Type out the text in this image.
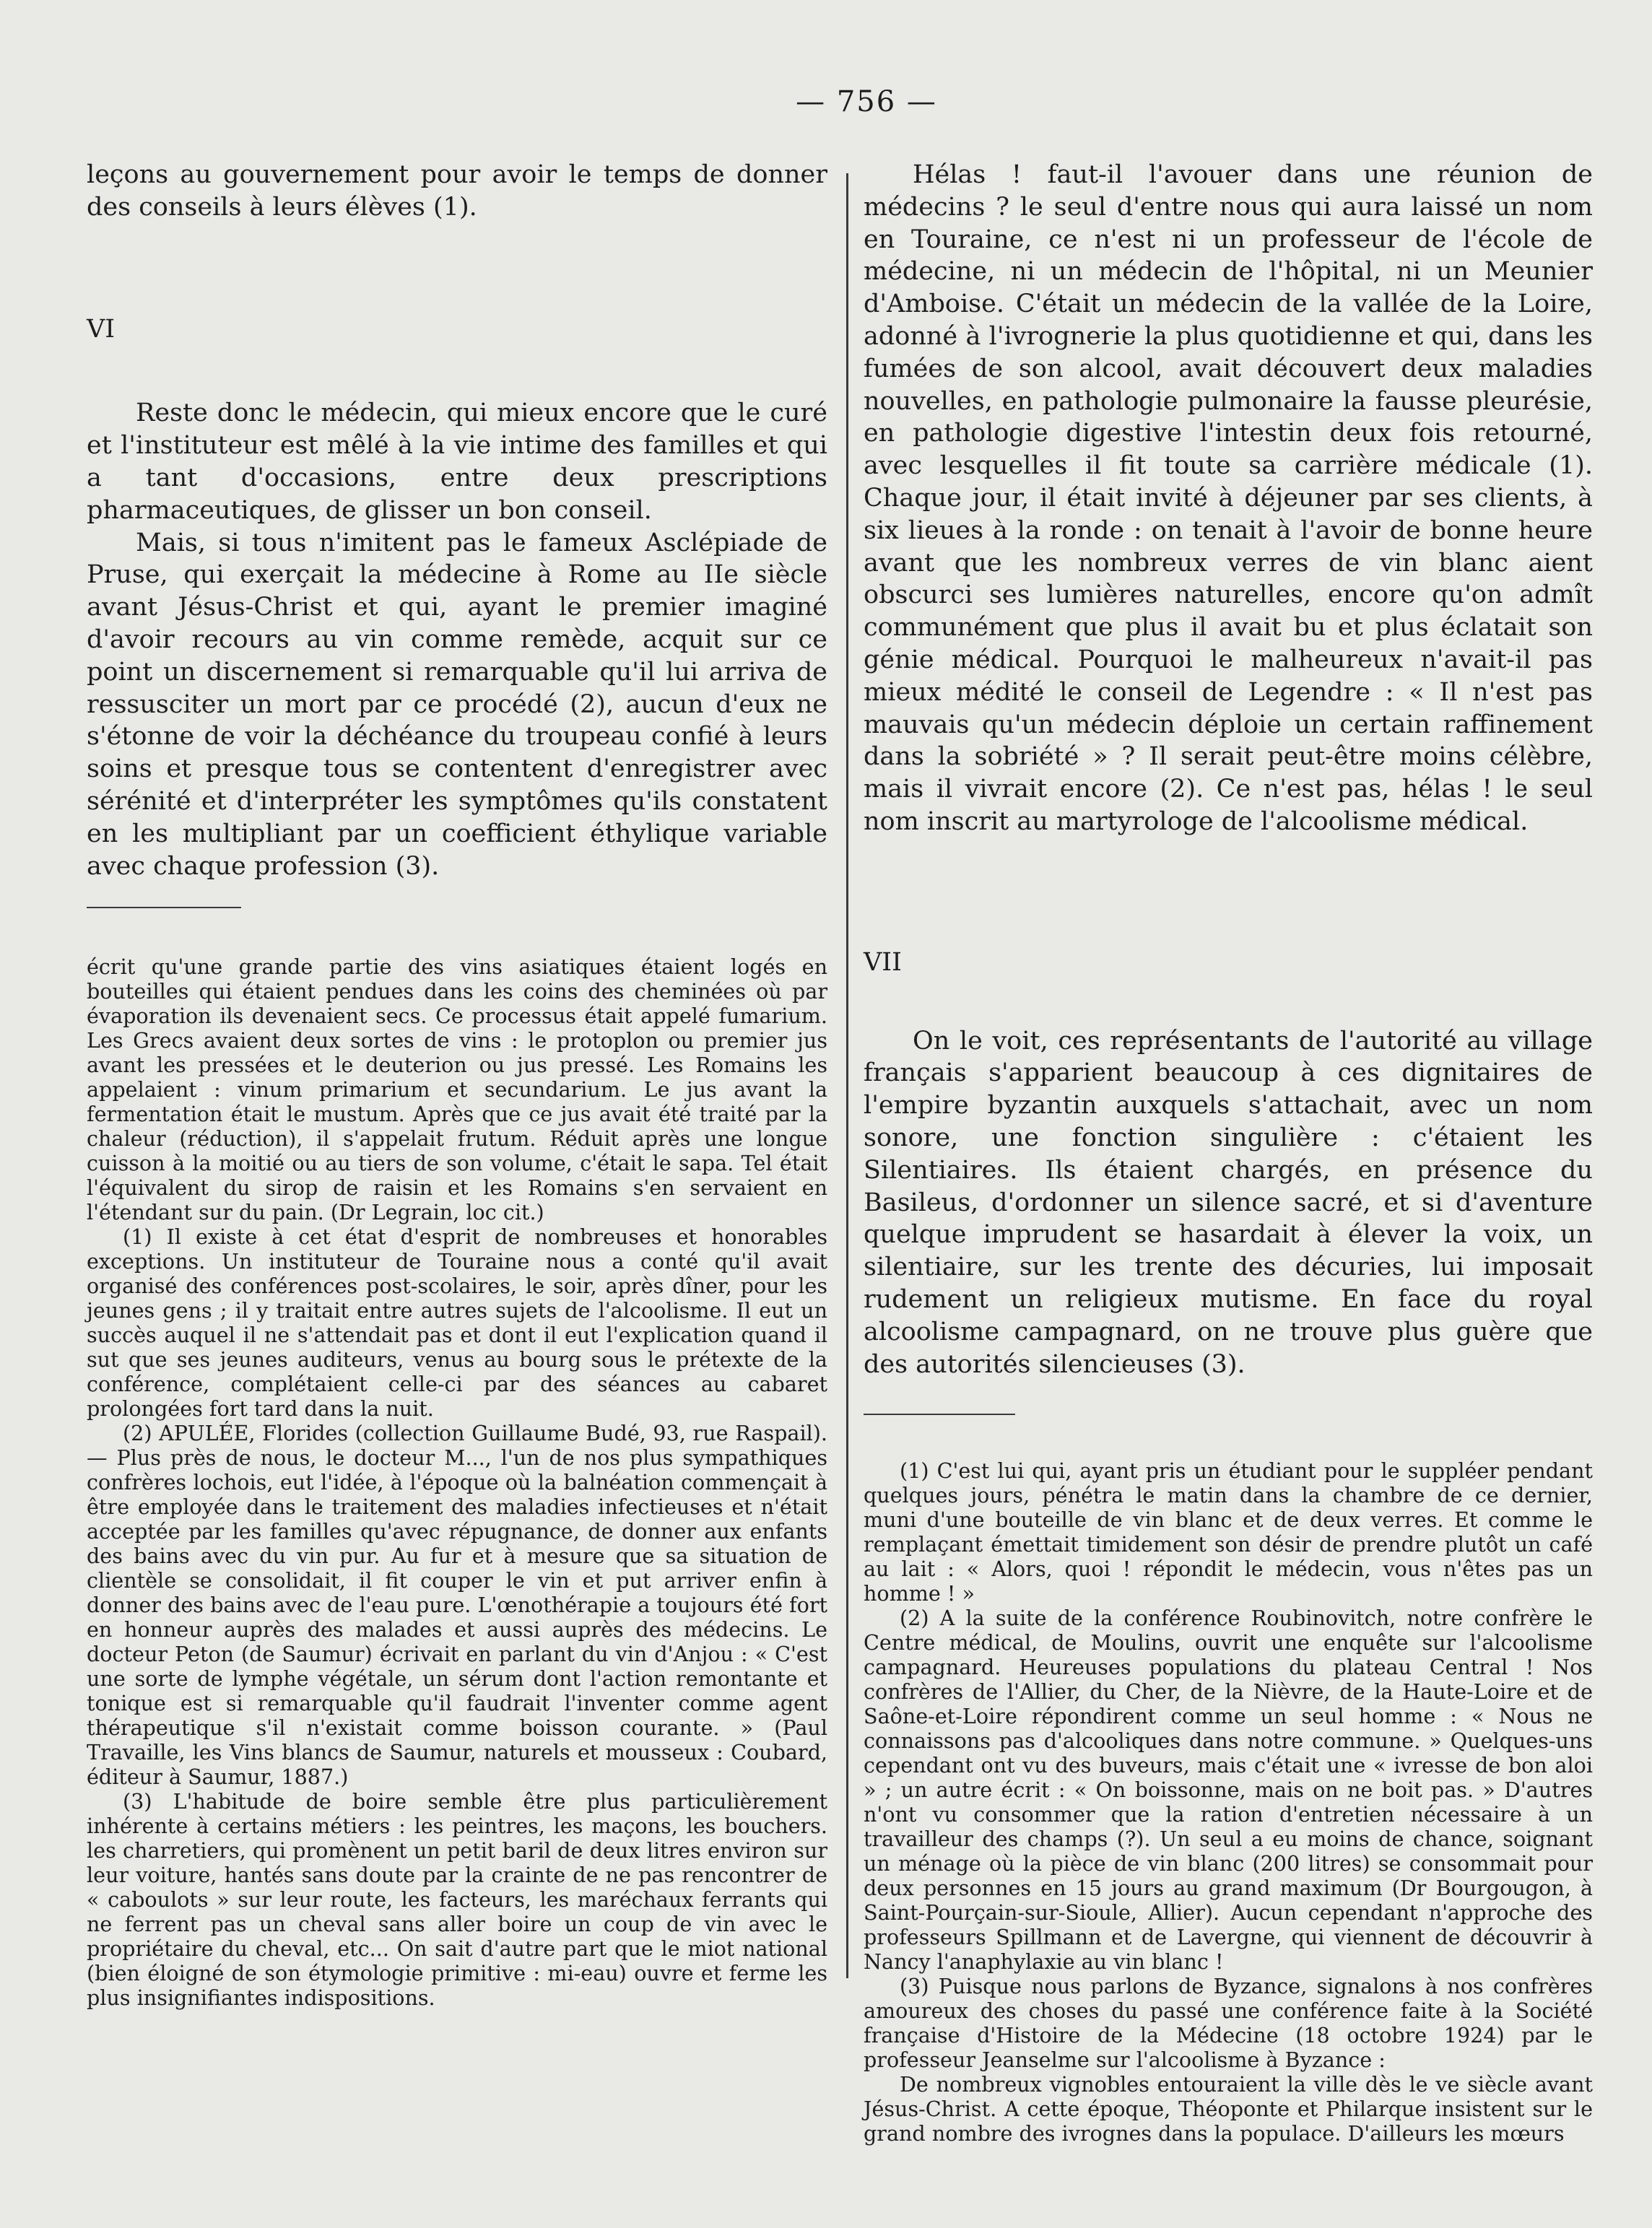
— 756 —

leçons au gouvernement pour avoir le temps de donner des conseils à leurs élèves (1).

VI

Reste donc le médecin, qui mieux encore que le curé et l'instituteur est mêlé à la vie intime des familles et qui a tant d'occasions, entre deux prescriptions pharmaceutiques, de glisser un bon conseil.

Mais, si tous n'imitent pas le fameux Asclépiade de Pruse, qui exerçait la médecine à Rome au IIe siècle avant Jésus-Christ et qui, ayant le premier imaginé d'avoir recours au vin comme remède, acquit sur ce point un discernement si remarquable qu'il lui arriva de ressusciter un mort par ce procédé (2), aucun d'eux ne s'étonne de voir la déchéance du troupeau confié à leurs soins et presque tous se contentent d'enregistrer avec sérénité et d'interpréter les symptômes qu'ils constatent en les multipliant par un coefficient éthylique variable avec chaque profession (3).

écrit qu'une grande partie des vins asiatiques étaient logés en bouteilles qui étaient pendues dans les coins des cheminées où par évaporation ils devenaient secs. Ce processus était appelé fumarium. Les Grecs avaient deux sortes de vins : le protoplon ou premier jus avant les pressées et le deuterion ou jus pressé. Les Romains les appelaient : vinum primarium et secundarium. Le jus avant la fermentation était le mustum. Après que ce jus avait été traité par la chaleur (réduction), il s'appelait frutum. Réduit après une longue cuisson à la moitié ou au tiers de son volume, c'était le sapa. Tel était l'équivalent du sirop de raisin et les Romains s'en servaient en l'étendant sur du pain. (Dr Legrain, loc cit.)

(1) Il existe à cet état d'esprit de nombreuses et honorables exceptions. Un instituteur de Touraine nous a conté qu'il avait organisé des conférences post-scolaires, le soir, après dîner, pour les jeunes gens ; il y traitait entre autres sujets de l'alcoolisme. Il eut un succès auquel il ne s'attendait pas et dont il eut l'explication quand il sut que ses jeunes auditeurs, venus au bourg sous le prétexte de la conférence, complétaient celle-ci par des séances au cabaret prolongées fort tard dans la nuit.

(2) APULÉE, Florides (collection Guillaume Budé, 93, rue Raspail). — Plus près de nous, le docteur M..., l'un de nos plus sympathiques confrères lochois, eut l'idée, à l'époque où la balnéation commençait à être employée dans le traitement des maladies infectieuses et n'était acceptée par les familles qu'avec répugnance, de donner aux enfants des bains avec du vin pur. Au fur et à mesure que sa situation de clientèle se consolidait, il fit couper le vin et put arriver enfin à donner des bains avec de l'eau pure. L'œnothérapie a toujours été fort en honneur auprès des malades et aussi auprès des médecins. Le docteur Peton (de Saumur) écrivait en parlant du vin d'Anjou : « C'est une sorte de lymphe végétale, un sérum dont l'action remontante et tonique est si remarquable qu'il faudrait l'inventer comme agent thérapeutique s'il n'existait comme boisson courante. » (Paul Travaille, les Vins blancs de Saumur, naturels et mousseux : Coubard, éditeur à Saumur, 1887.)

(3) L'habitude de boire semble être plus particulièrement inhérente à certains métiers : les peintres, les maçons, les bouchers. les charretiers, qui promènent un petit baril de deux litres environ sur leur voiture, hantés sans doute par la crainte de ne pas rencontrer de « caboulots » sur leur route, les facteurs, les maréchaux ferrants qui ne ferrent pas un cheval sans aller boire un coup de vin avec le propriétaire du cheval, etc... On sait d'autre part que le miot national (bien éloigné de son étymologie primitive : mi-eau) ouvre et ferme les plus insignifiantes indispositions.

Hélas ! faut-il l'avouer dans une réunion de médecins ? le seul d'entre nous qui aura laissé un nom en Touraine, ce n'est ni un professeur de l'école de médecine, ni un médecin de l'hôpital, ni un Meunier d'Amboise. C'était un médecin de la vallée de la Loire, adonné à l'ivrognerie la plus quotidienne et qui, dans les fumées de son alcool, avait découvert deux maladies nouvelles, en pathologie pulmonaire la fausse pleurésie, en pathologie digestive l'intestin deux fois retourné, avec lesquelles il fit toute sa carrière médicale (1). Chaque jour, il était invité à déjeuner par ses clients, à six lieues à la ronde : on tenait à l'avoir de bonne heure avant que les nombreux verres de vin blanc aient obscurci ses lumières naturelles, encore qu'on admît communément que plus il avait bu et plus éclatait son génie médical. Pourquoi le malheureux n'avait-il pas mieux médité le conseil de Legendre : « Il n'est pas mauvais qu'un médecin déploie un certain raffinement dans la sobriété » ? Il serait peut-être moins célèbre, mais il vivrait encore (2). Ce n'est pas, hélas ! le seul nom inscrit au martyrologe de l'alcoolisme médical.

VII

On le voit, ces représentants de l'autorité au village français s'apparient beaucoup à ces dignitaires de l'empire byzantin auxquels s'attachait, avec un nom sonore, une fonction singulière : c'étaient les Silentiaires. Ils étaient chargés, en présence du Basileus, d'ordonner un silence sacré, et si d'aventure quelque imprudent se hasardait à élever la voix, un silentiaire, sur les trente des décuries, lui imposait rudement un religieux mutisme. En face du royal alcoolisme campagnard, on ne trouve plus guère que des autorités silencieuses (3).

(1) C'est lui qui, ayant pris un étudiant pour le suppléer pendant quelques jours, pénétra le matin dans la chambre de ce dernier, muni d'une bouteille de vin blanc et de deux verres. Et comme le remplaçant émettait timidement son désir de prendre plutôt un café au lait : « Alors, quoi ! répondit le médecin, vous n'êtes pas un homme ! »

(2) A la suite de la conférence Roubinovitch, notre confrère le Centre médical, de Moulins, ouvrit une enquête sur l'alcoolisme campagnard. Heureuses populations du plateau Central ! Nos confrères de l'Allier, du Cher, de la Nièvre, de la Haute-Loire et de Saône-et-Loire répondirent comme un seul homme : « Nous ne connaissons pas d'alcooliques dans notre commune. » Quelques-uns cependant ont vu des buveurs, mais c'était une « ivresse de bon aloi » ; un autre écrit : « On boissonne, mais on ne boit pas. » D'autres n'ont vu consommer que la ration d'entretien nécessaire à un travailleur des champs (?). Un seul a eu moins de chance, soignant un ménage où la pièce de vin blanc (200 litres) se consommait pour deux personnes en 15 jours au grand maximum (Dr Bourgougon, à Saint-Pourçain-sur-Sioule, Allier). Aucun cependant n'approche des professeurs Spillmann et de Lavergne, qui viennent de découvrir à Nancy l'anaphylaxie au vin blanc !

(3) Puisque nous parlons de Byzance, signalons à nos confrères amoureux des choses du passé une conférence faite à la Société française d'Histoire de la Médecine (18 octobre 1924) par le professeur Jeanselme sur l'alcoolisme à Byzance :

De nombreux vignobles entouraient la ville dès le ve siècle avant Jésus-Christ. A cette époque, Théoponte et Philarque insistent sur le grand nombre des ivrognes dans la populace. D'ailleurs les mœurs
